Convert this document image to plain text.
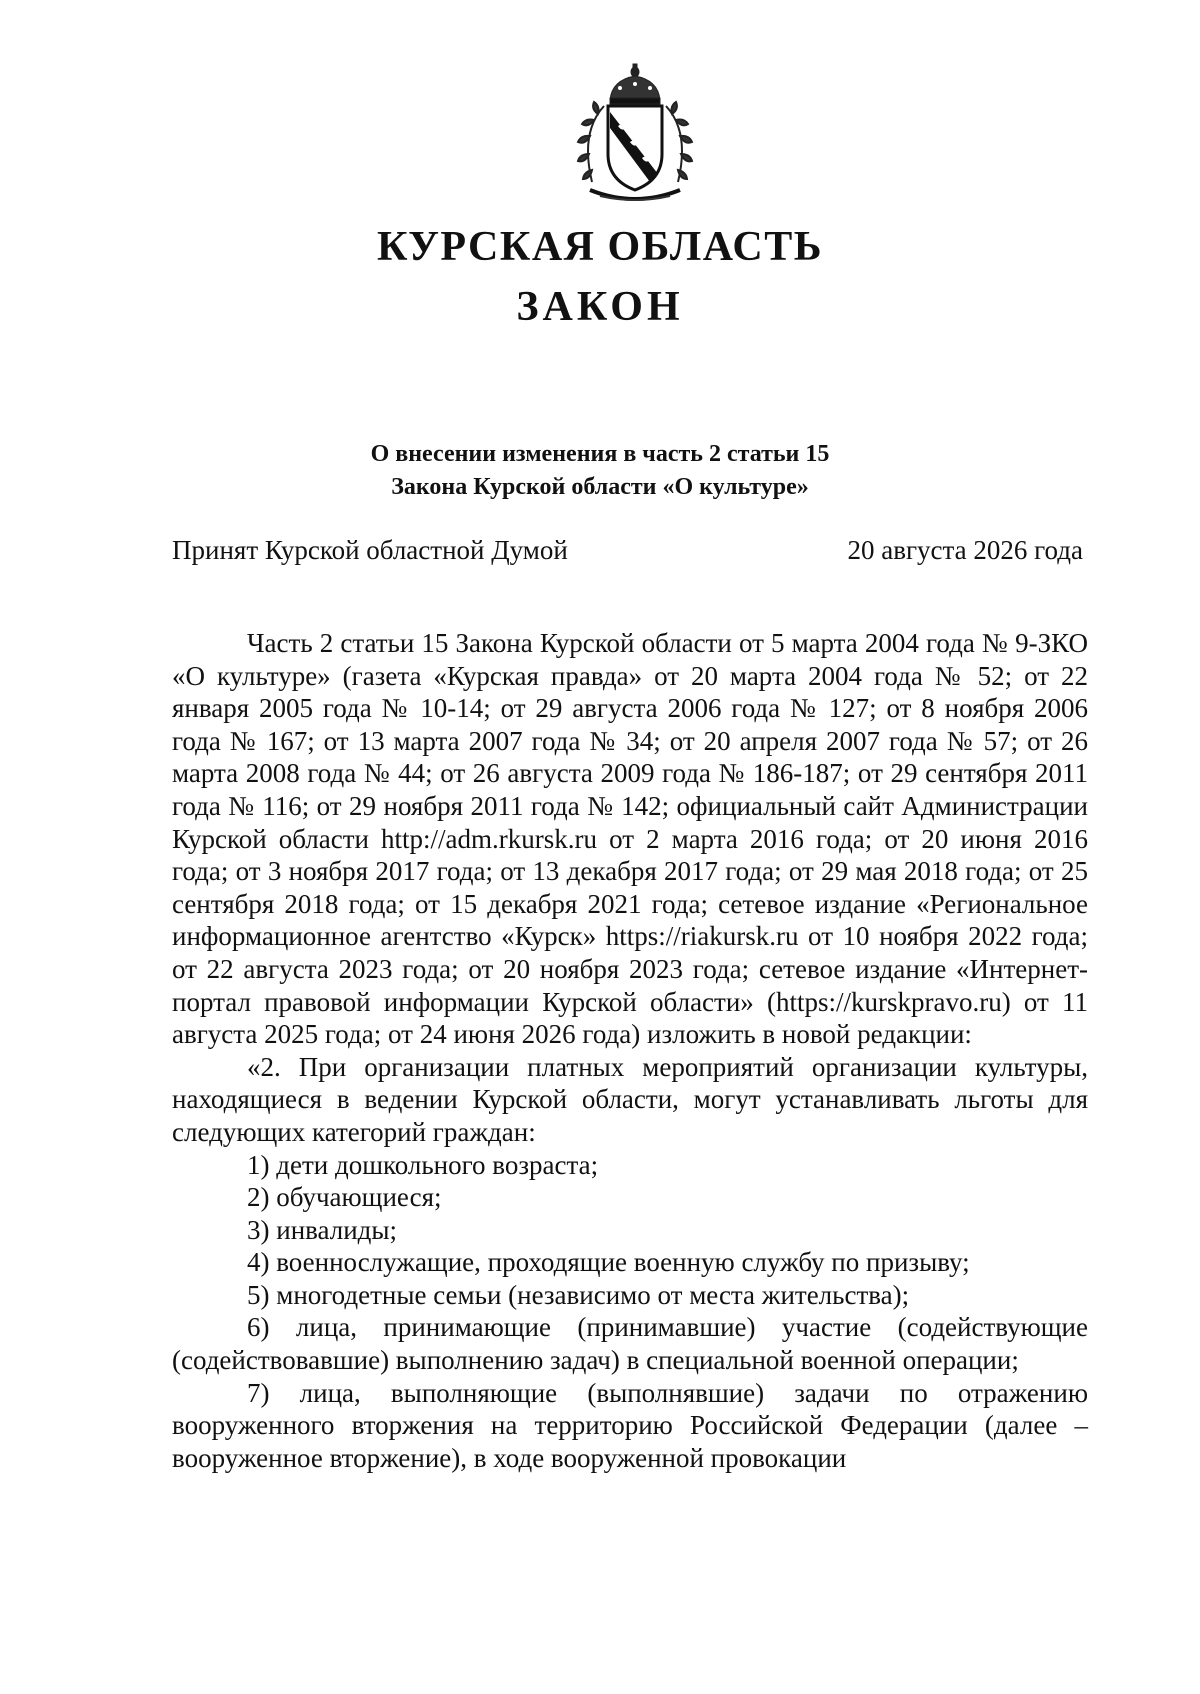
КУРСКАЯ ОБЛАСТЬ
ЗАКОН
О внесении изменения в часть 2 статьи 15
Закона Курской области «О культуре»
Принят Курской областной Думой	20 августа 2026 года

Часть 2 статьи 15 Закона Курской области от 5 марта 2004 года № 9-ЗКО «О культуре» (газета «Курская правда» от 20 марта 2004 года № 52; от 22 января 2005 года № 10-14; от 29 августа 2006 года № 127; от 8 ноября 2006 года № 167; от 13 марта 2007 года № 34; от 20 апреля 2007 года № 57; от 26 марта 2008 года № 44; от 26 августа 2009 года № 186-187; от 29 сентября 2011 года № 116; от 29 ноября 2011 года № 142; официальный сайт Администрации Курской области http://adm.rkursk.ru от 2 марта 2016 года; от 20 июня 2016 года; от 3 ноября 2017 года; от 13 декабря 2017 года; от 29 мая 2018 года; от 25 сентября 2018 года; от 15 декабря 2021 года; сетевое издание «Региональное информационное агентство «Курск» https://riakursk.ru от 10 ноября 2022 года; от 22 августа 2023 года; от 20 ноября 2023 года; сетевое издание «Интернет-портал правовой информации Курской области» (https://kurskpravo.ru) от 11 августа 2025 года; от 24 июня 2026 года) изложить в новой редакции:

«2. При организации платных мероприятий организации культуры, находящиеся в ведении Курской области, могут устанавливать льготы для следующих категорий граждан:

1) дети дошкольного возраста;

2) обучающиеся;

3) инвалиды;

4) военнослужащие, проходящие военную службу по призыву;

5) многодетные семьи (независимо от места жительства);

6) лица, принимающие (принимавшие) участие (содействующие (содействовавшие) выполнению задач) в специальной военной операции;

7) лица, выполняющие (выполнявшие) задачи по отражению вооруженного вторжения на территорию Российской Федерации (далее – вооруженное вторжение), в ходе вооруженной провокации
